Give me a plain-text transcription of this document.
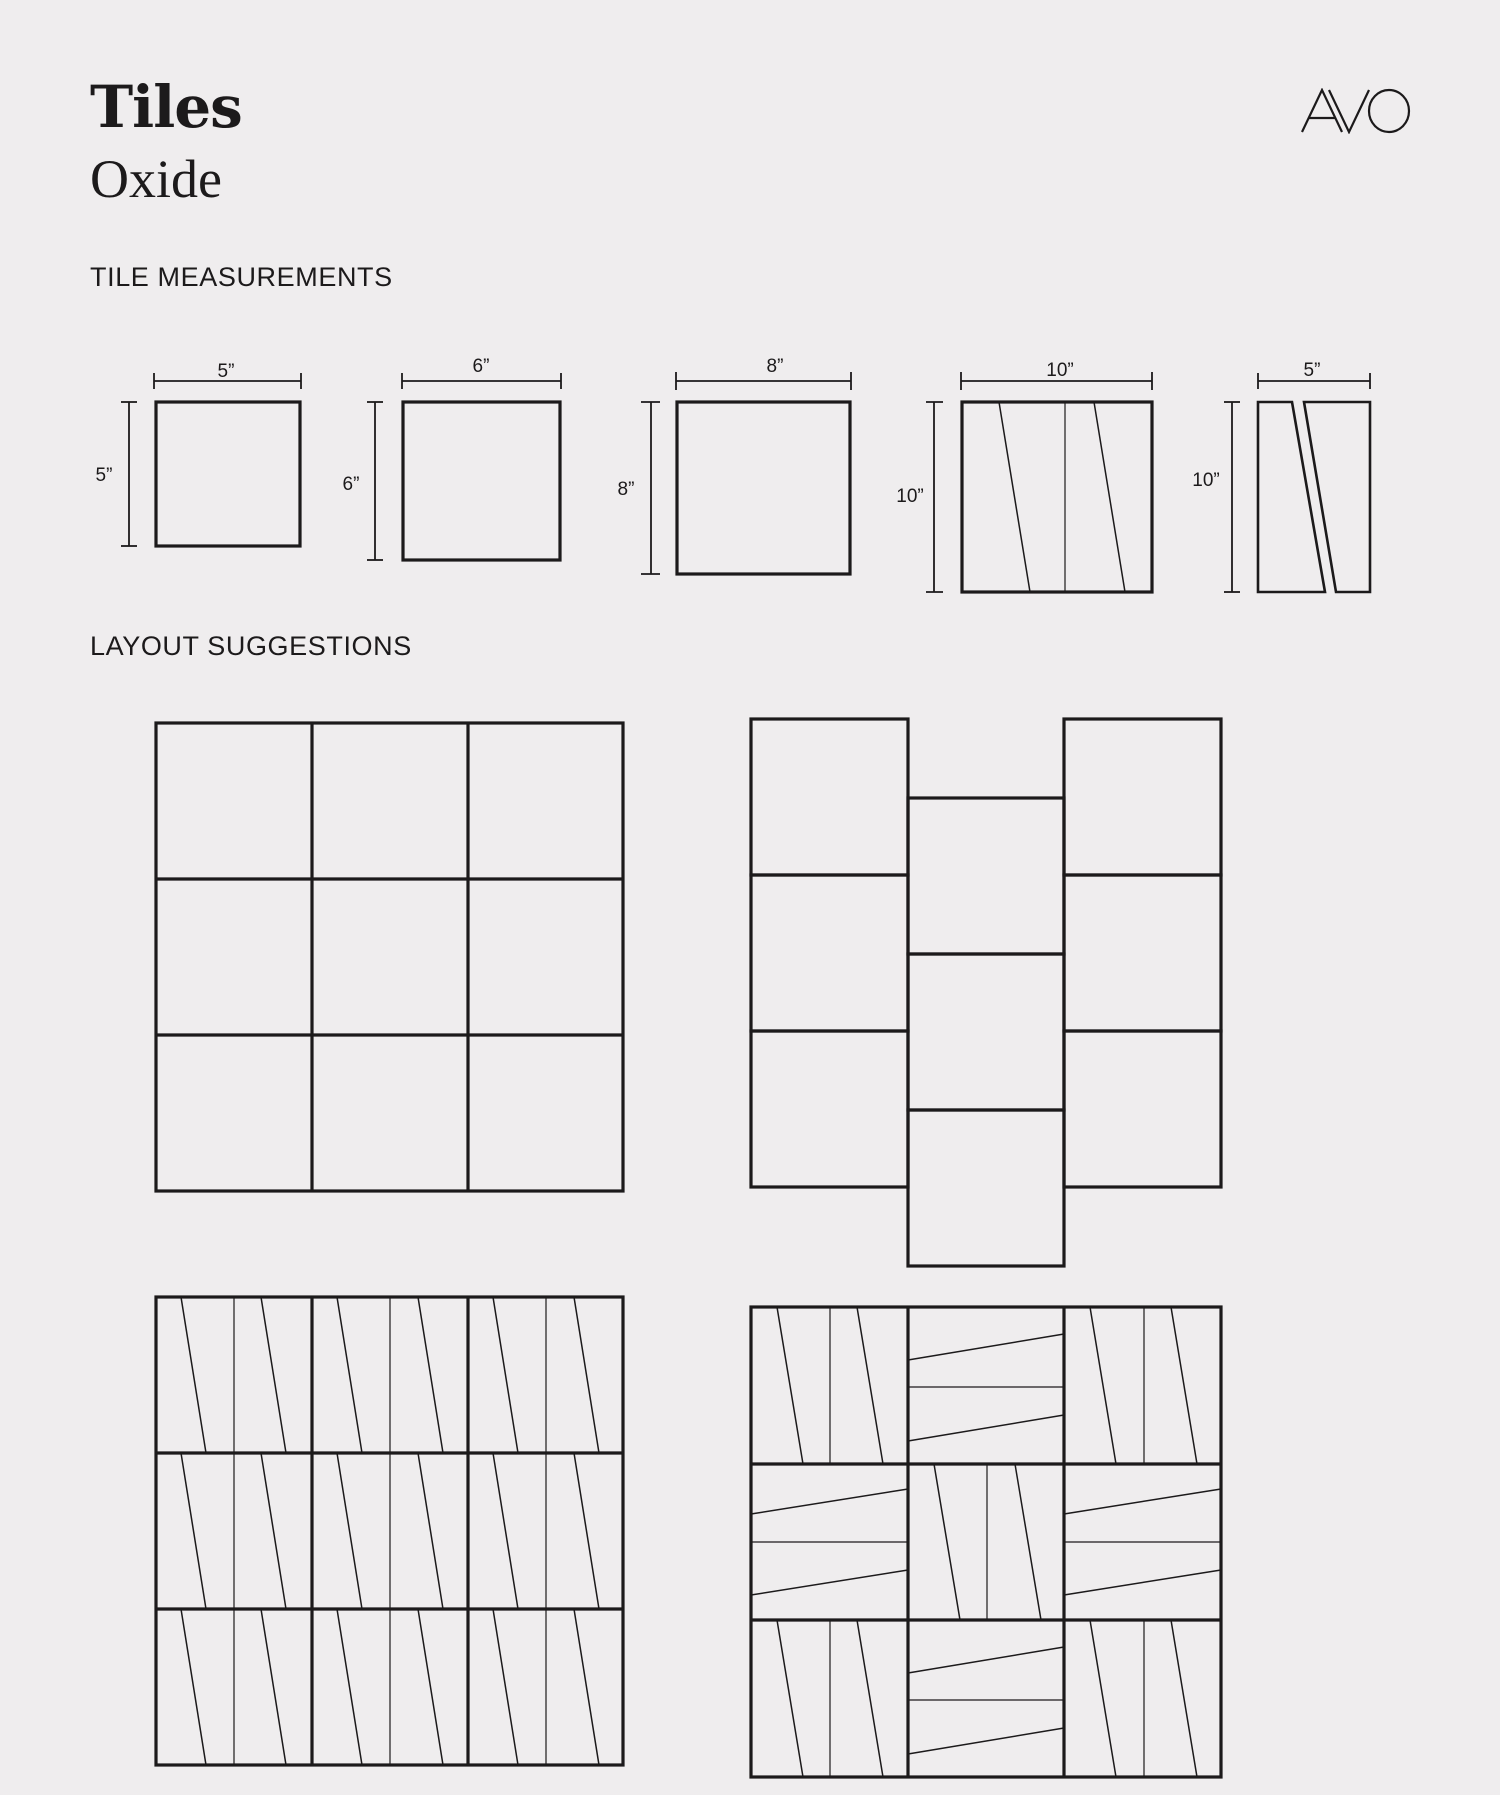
Tiles
Oxide
TILE MEASUREMENTS
LAYOUT SUGGESTIONS
5”
5”
6”
6”
8”
8”
10”
10”
5”
10”
